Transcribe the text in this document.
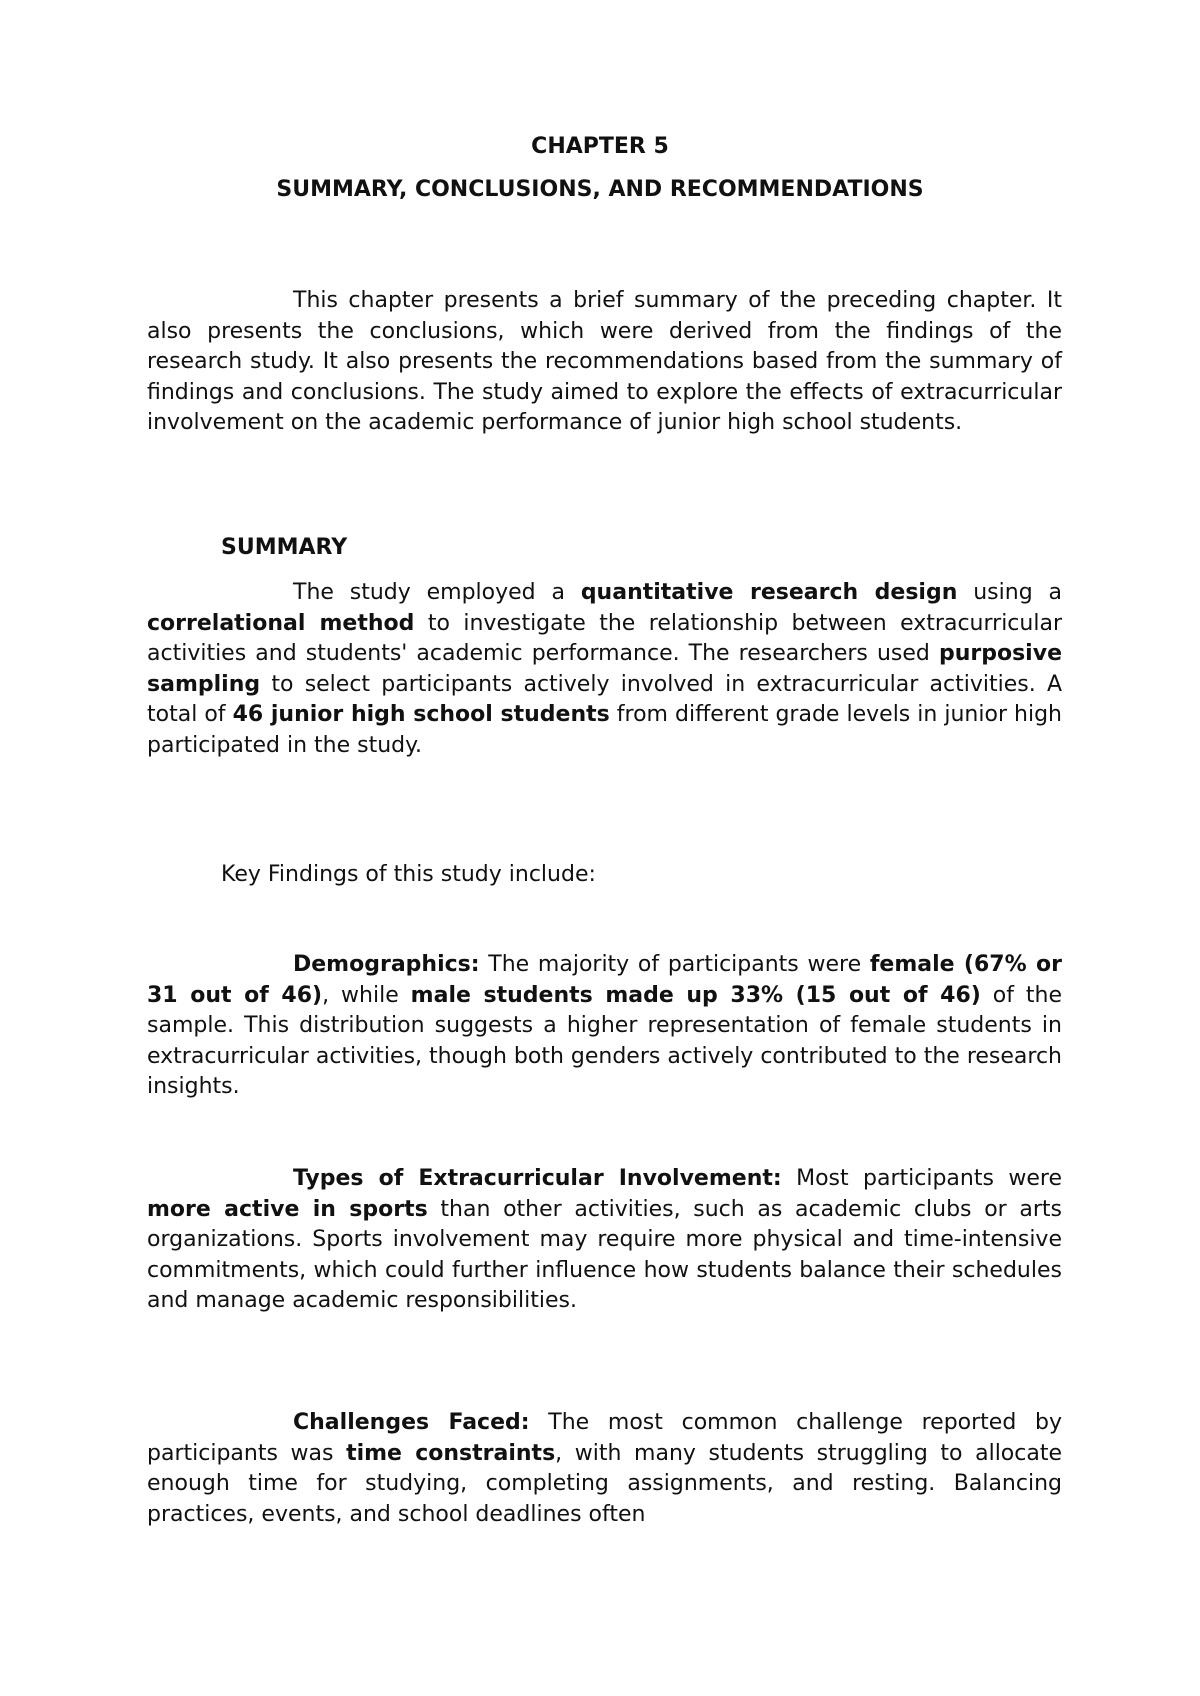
CHAPTER 5
SUMMARY, CONCLUSIONS, AND RECOMMENDATIONS

This chapter presents a brief summary of the preceding chapter. It also presents the conclusions, which were derived from the findings of the research study. It also presents the recommendations based from the summary of findings and conclusions. The study aimed to explore the effects of extracurricular involvement on the academic performance of junior high school students.

SUMMARY

The study employed a quantitative research design using a correlational method to investigate the relationship between extracurricular activities and students' academic performance. The researchers used purposive sampling to select participants actively involved in extracurricular activities. A total of 46 junior high school students from different grade levels in junior high participated in the study.

Key Findings of this study include:

Demographics: The majority of participants were female (67% or 31 out of 46), while male students made up 33% (15 out of 46) of the sample. This distribution suggests a higher representation of female students in extracurricular activities, though both genders actively contributed to the research insights.

Types of Extracurricular Involvement: Most participants were more active in sports than other activities, such as academic clubs or arts organizations. Sports involvement may require more physical and time-intensive commitments, which could further influence how students balance their schedules and manage academic responsibilities.

Challenges Faced: The most common challenge reported by participants was time constraints, with many students struggling to allocate enough time for studying, completing assignments, and resting. Balancing practices, events, and school deadlines often
